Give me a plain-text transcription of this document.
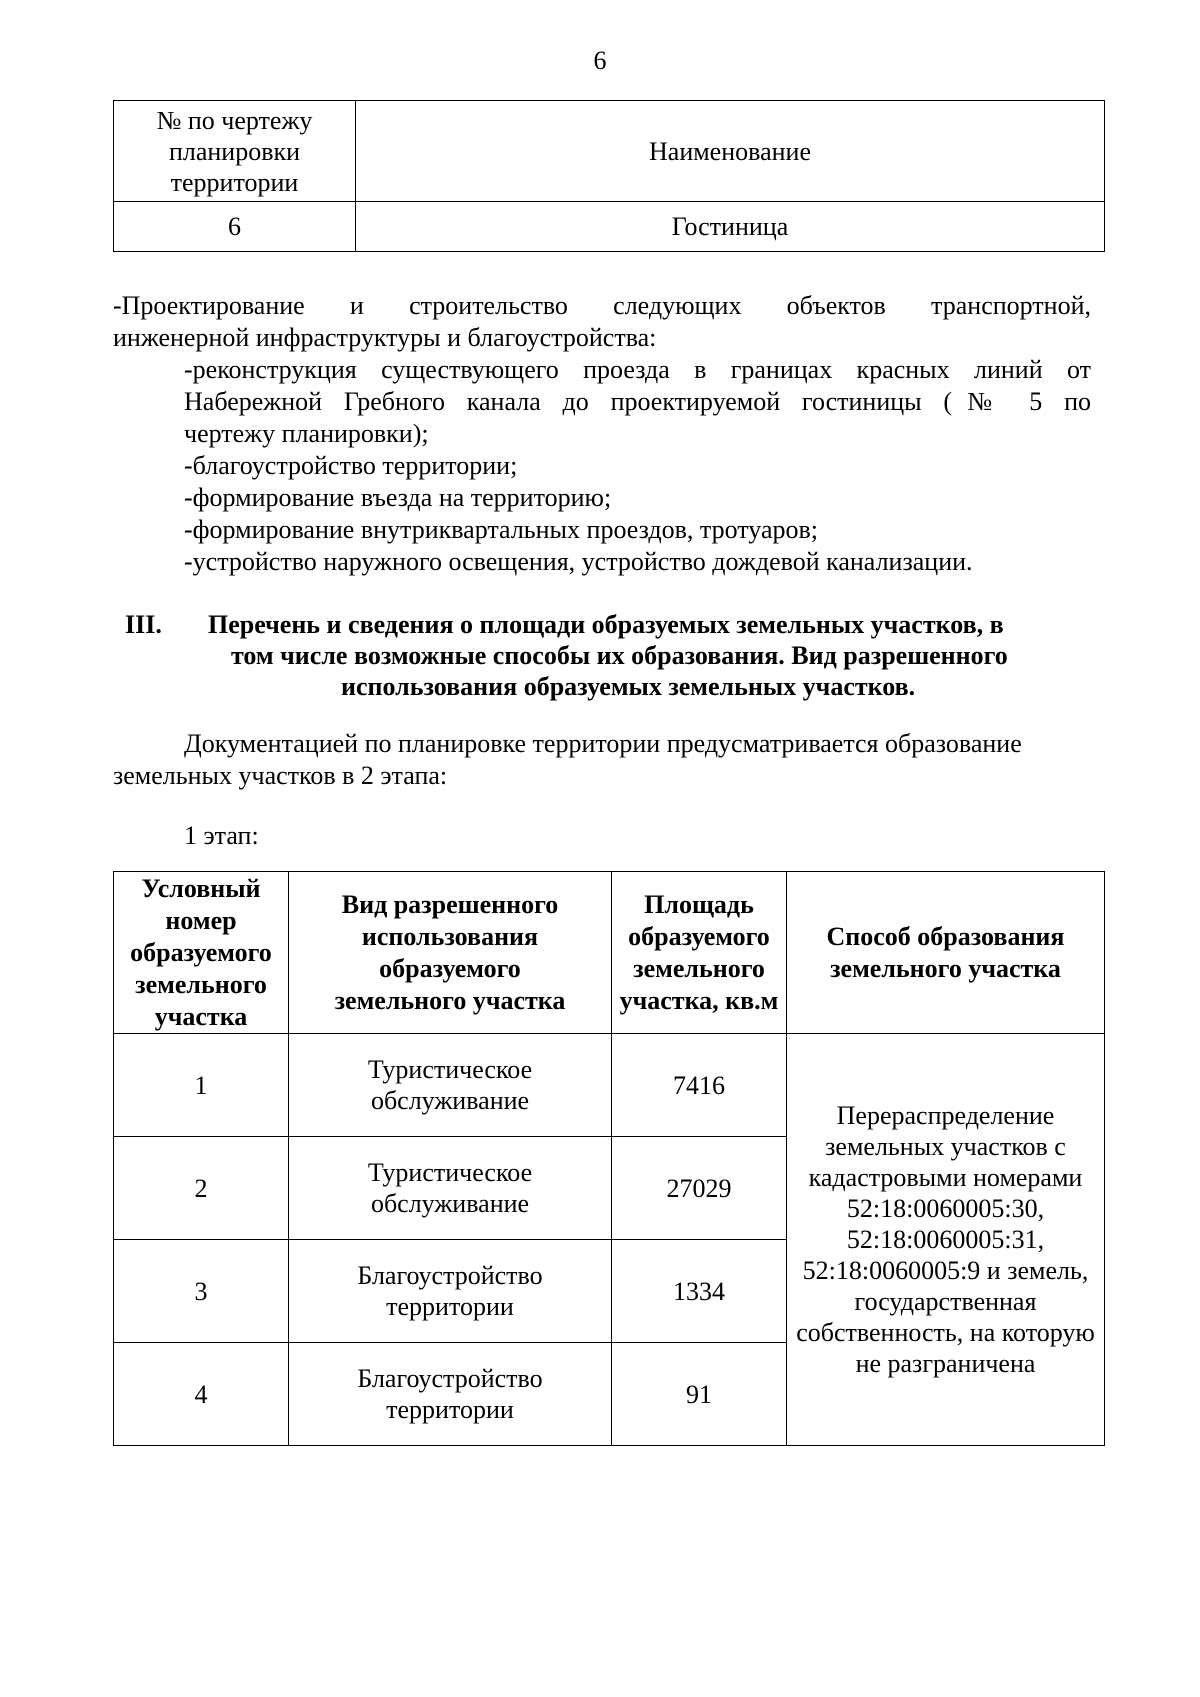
6
№ по чертежу планировки территории	Наименование
6	Гостиница
-Проектирование и строительство следующих объектов транспортной,
инженерной инфраструктуры и благоустройства:
-реконструкция существующего проезда в границах красных линий от
Набережной Гребного канала до проектируемой гостиницы (№ 5 по
чертежу планировки);
-благоустройство территории;
-формирование въезда на территорию;
-формирование внутриквартальных проездов, тротуаров;
-устройство наружного освещения, устройство дождевой канализации.
III. Перечень и сведения о площади образуемых земельных участков, в
том числе возможные способы их образования. Вид разрешенного
использования образуемых земельных участков.
Документацией по планировке территории предусматривается образование
земельных участков в 2 этапа:
1 этап:
Условный номер образуемого земельного участка	Вид разрешенного использования образуемого земельного участка	Площадь образуемого земельного участка, кв.м	Способ образования земельного участка

1	Туристическое обслуживание	7416	Перераспределение земельных участков с кадастровыми номерами 52:18:0060005:30, 52:18:0060005:31, 52:18:0060005:9 и земель, государственная собственность, на которую не разграничена

2	Туристическое обслуживание	27029	
3	Благоустройство территории	1334	
4	Благоустройство территории	91	
